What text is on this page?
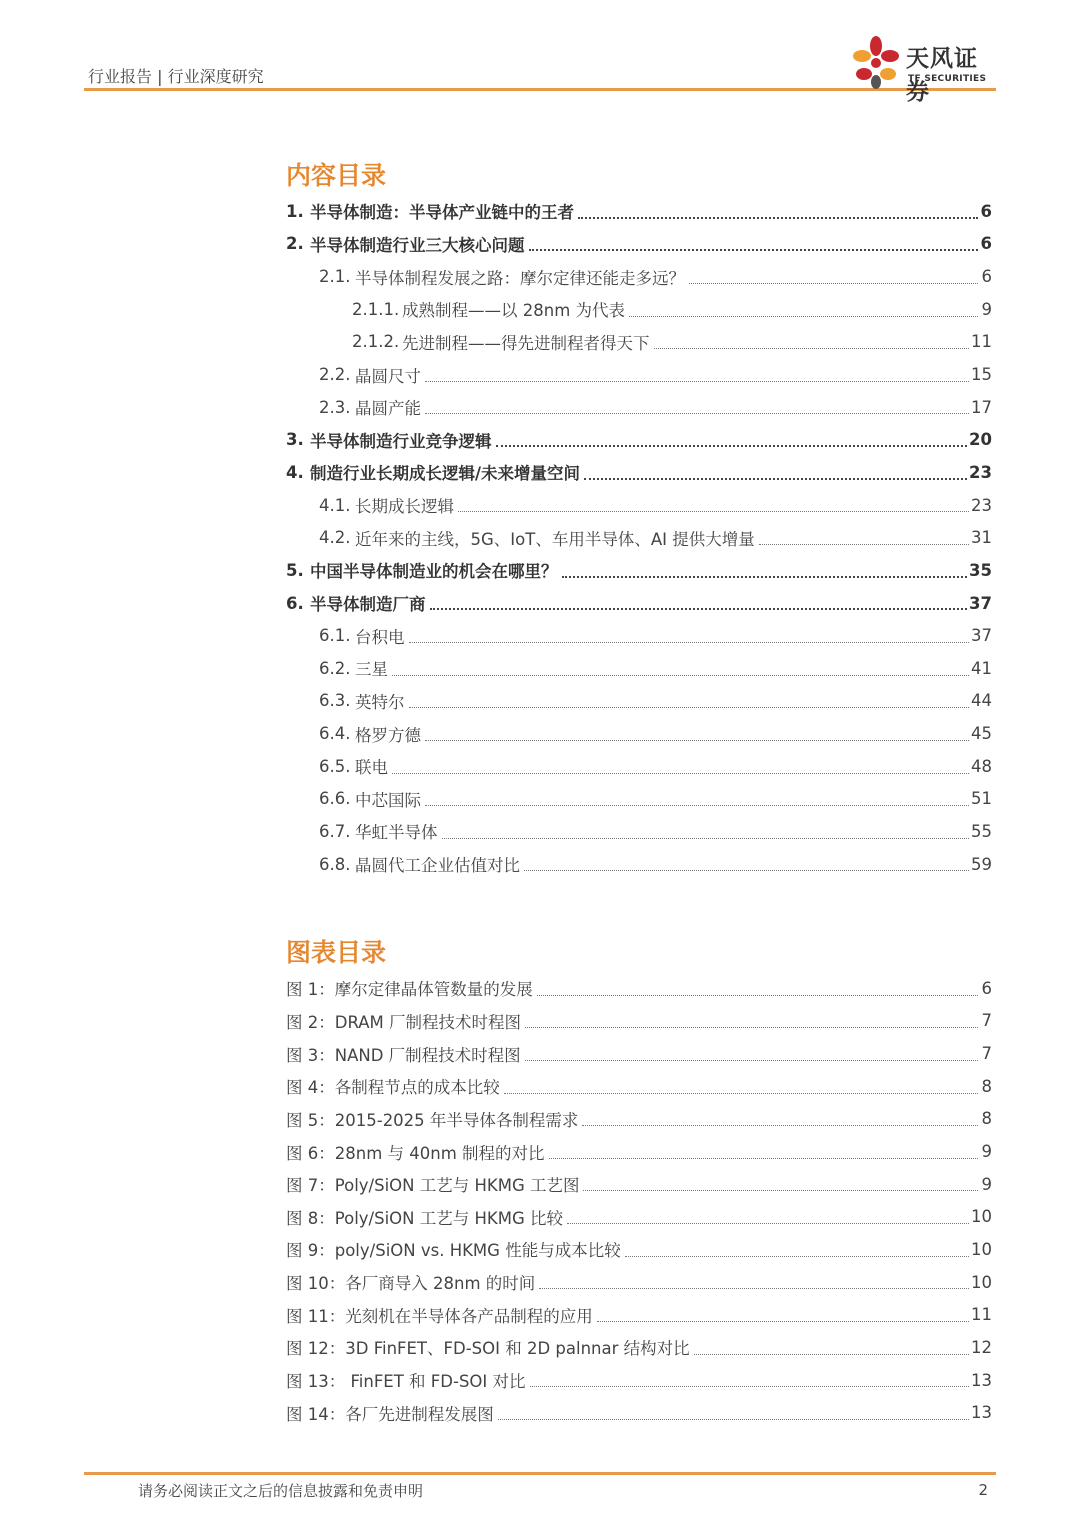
行业报告 | 行业深度研究
天风证券
TF SECURITIES
内容目录
1. 半导体制造：半导体产业链中的王者	6
2. 半导体制造行业三大核心问题	6
2.1. 半导体制程发展之路：摩尔定律还能走多远？	6
2.1.1. 成熟制程——以 28nm 为代表	9
2.1.2. 先进制程——得先进制程者得天下	11
2.2. 晶圆尺寸	15
2.3. 晶圆产能	17
3. 半导体制造行业竞争逻辑	20
4. 制造行业长期成长逻辑/未来增量空间	23
4.1. 长期成长逻辑	23
4.2. 近年来的主线，5G、IoT、车用半导体、AI 提供大增量	31
5. 中国半导体制造业的机会在哪里？	35
6. 半导体制造厂商	37
6.1. 台积电	37
6.2. 三星	41
6.3. 英特尔	44
6.4. 格罗方德	45
6.5. 联电	48
6.6. 中芯国际	51
6.7. 华虹半导体	55
6.8. 晶圆代工企业估值对比	59
图表目录
图 1：摩尔定律晶体管数量的发展	6
图 2：DRAM 厂制程技术时程图	7
图 3：NAND 厂制程技术时程图	7
图 4：各制程节点的成本比较	8
图 5：2015-2025 年半导体各制程需求	8
图 6：28nm 与 40nm 制程的对比	9
图 7：Poly/SiON 工艺与 HKMG 工艺图	9
图 8：Poly/SiON 工艺与 HKMG 比较	10
图 9：poly/SiON vs. HKMG 性能与成本比较	10
图 10：各厂商导入 28nm 的时间	10
图 11：光刻机在半导体各产品制程的应用	11
图 12：3D FinFET、FD-SOI 和 2D palnnar 结构对比	12
图 13： FinFET 和 FD-SOI 对比	13
图 14：各厂先进制程发展图	13
请务必阅读正文之后的信息披露和免责申明	2
